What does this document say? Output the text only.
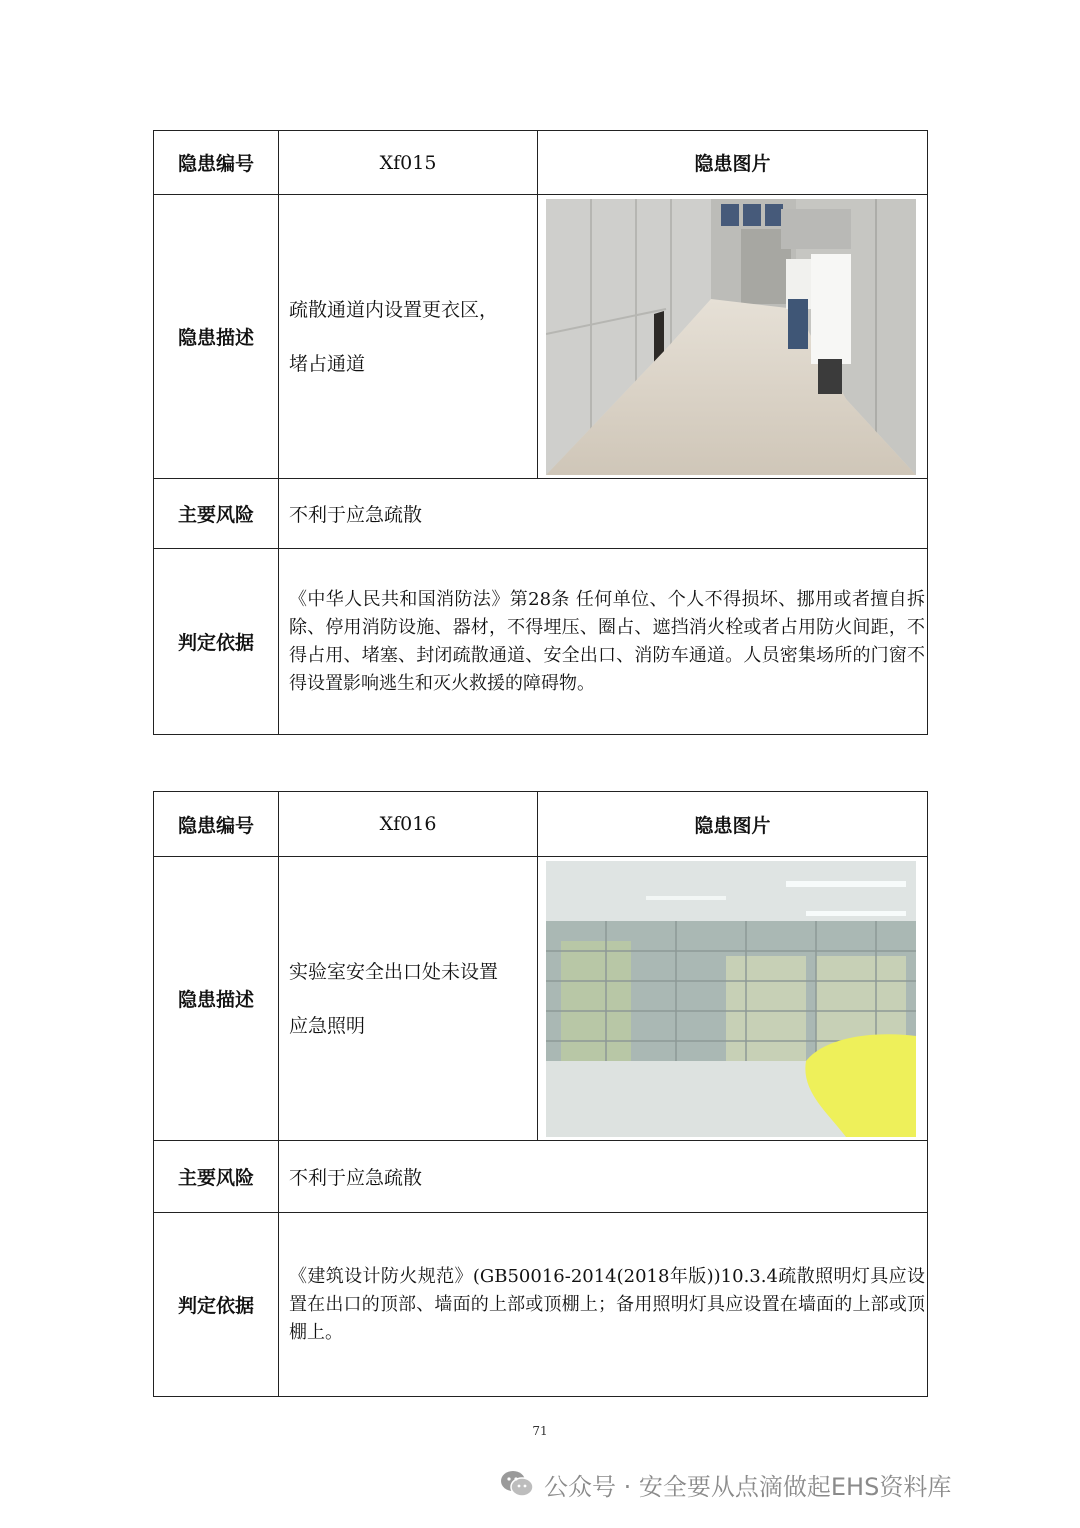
隐患编号	Xf015	隐患图片
隐患描述	疏散通道内设置更衣区，
堵占通道

主要风险	不利于应急疏散	
判定依据	《中华人民共和国消防法》第28条 任何单位、个人不得损坏、挪用或者擅自拆除、停用消防设施、器材，不得埋压、圈占、遮挡消火栓或者占用防火间距，不得占用、堵塞、封闭疏散通道、安全出口、消防车通道。人员密集场所的门窗不得设置影响逃生和灭火救援的障碍物。	
隐患编号	Xf016	隐患图片
隐患描述	实验室安全出口处未设置
应急照明

主要风险	不利于应急疏散	
判定依据	《建筑设计防火规范》(GB50016-2014(2018年版))10.3.4疏散照明灯具应设置在出口的顶部、墙面的上部或顶棚上；备用照明灯具应设置在墙面的上部或顶棚上。	
71
公众号 · 安全要从点滴做起EHS资料库
